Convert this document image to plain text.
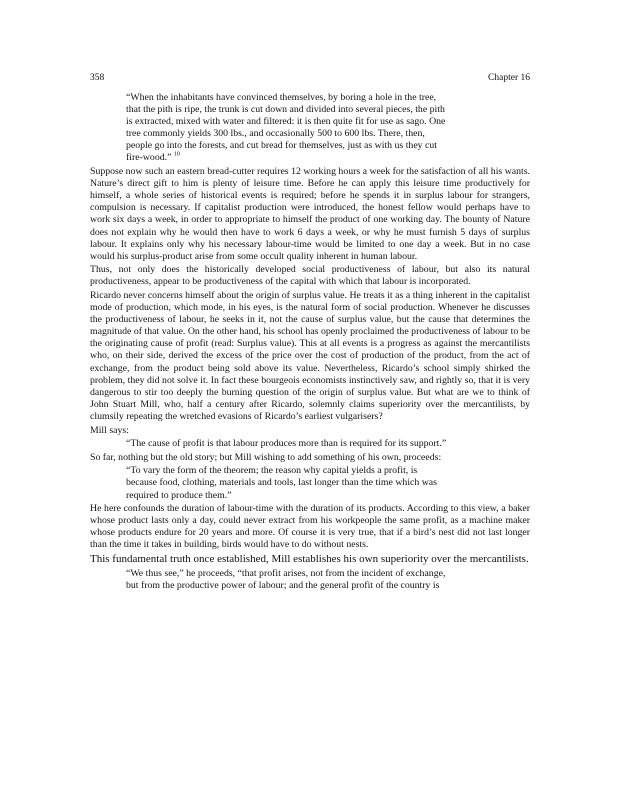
358	Chapter 16

“When the inhabitants have convinced themselves, by boring a hole in the tree,
that the pith is ripe, the trunk is cut down and divided into several pieces, the pith
is extracted, mixed with water and filtered: it is then quite fit for use as sago. One
tree commonly yields 300 lbs., and occasionally 500 to 600 lbs. There, then,
people go into the forests, and cut bread for themselves, just as with us they cut
fire-wood.” $^{10}$

Suppose now such an eastern bread-cutter requires 12 working hours a week for the satisfaction of all his wants. Nature’s direct gift to him is plenty of leisure time. Before he can apply this leisure time productively for himself, a whole series of historical events is required; before he spends it in surplus labour for strangers, compulsion is necessary. If capitalist production were introduced, the honest fellow would perhaps have to work six days a week, in order to appropriate to himself the product of one working day. The bounty of Nature does not explain why he would then have to work 6 days a week, or why he must furnish 5 days of surplus labour. It explains only why his necessary labour-time would be limited to one day a week. But in no case would his surplus-product arise from some occult quality inherent in human labour.

Thus, not only does the historically developed social productiveness of labour, but also its natural productiveness, appear to be productiveness of the capital with which that labour is incorporated.

Ricardo never concerns himself about the origin of surplus value. He treats it as a thing inherent in the capitalist mode of production, which mode, in his eyes, is the natural form of social production. Whenever he discusses the productiveness of labour, he seeks in it, not the cause of surplus value, but the cause that determines the magnitude of that value. On the other hand, his school has openly proclaimed the productiveness of labour to be the originating cause of profit (read: Surplus value). This at all events is a progress as against the mercantilists who, on their side, derived the excess of the price over the cost of production of the product, from the act of exchange, from the product being sold above its value. Nevertheless, Ricardo’s school simply shirked the problem, they did not solve it. In fact these bourgeois economists instinctively saw, and rightly so, that it is very dangerous to stir too deeply the burning question of the origin of surplus value. But what are we to think of John Stuart Mill, who, half a century after Ricardo, solemnly claims superiority over the mercantilists, by clumsily repeating the wretched evasions of Ricardo’s earliest vulgarisers?

Mill says:

“The cause of profit is that labour produces more than is required for its support.”

So far, nothing but the old story; but Mill wishing to add something of his own, proceeds:

“To vary the form of the theorem; the reason why capital yields a profit, is
because food, clothing, materials and tools, last longer than the time which was
required to produce them.”

He here confounds the duration of labour-time with the duration of its products. According to this view, a baker whose product lasts only a day, could never extract from his workpeople the same profit, as a machine maker whose products endure for 20 years and more. Of course it is very true, that if a bird’s nest did not last longer than the time it takes in building, birds would have to do without nests.

This fundamental truth once established, Mill establishes his own superiority over the mercantilists.

“We thus see,” he proceeds, “that profit arises, not from the incident of exchange,
but from the productive power of labour; and the general profit of the country is
